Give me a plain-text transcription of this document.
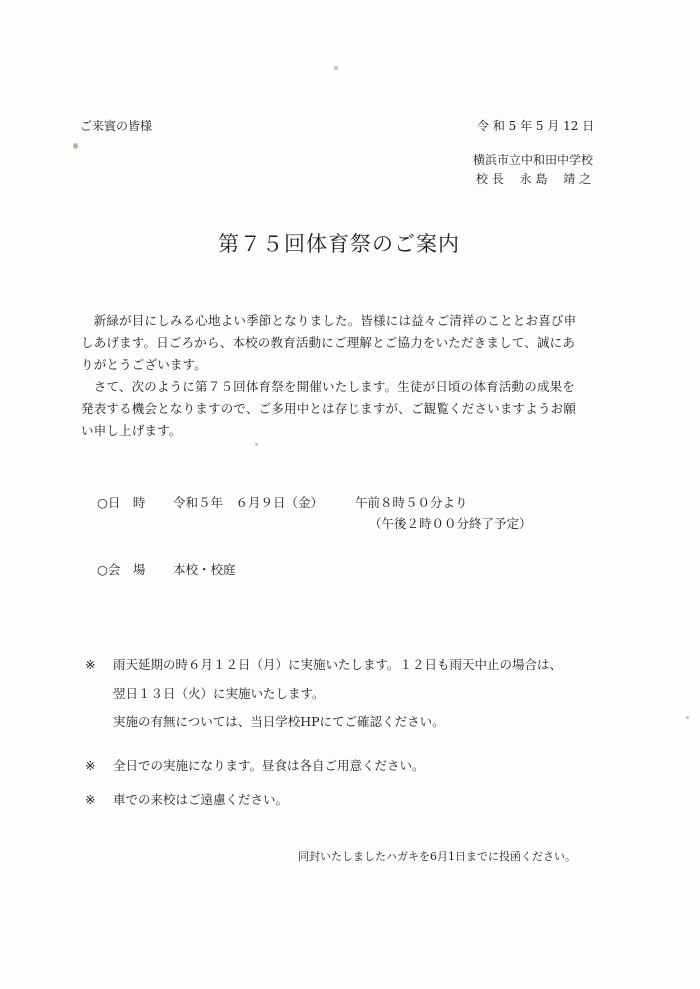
ご来賓の皆様	令 和 5 年 5 月 12 日
横浜市立中和田中学校
校 長　 永 島　 靖 之
第７５回体育祭のご案内
　新緑が目にしみる心地よい季節となりました。皆様には益々ご清祥のこととお喜び申
しあげます。日ごろから、本校の教育活動にご理解とご協力をいただきまして、誠にあ
りがとうございます。
　さて、次のように第７５回体育祭を開催いたします。生徒が日頃の体育活動の成果を
発表する機会となりますので、ご多用中とは存じますが、ご観覧くださいますようお願
い申し上げます。
○日　時 令和５年　６月９日（金）	午前８時５０分より
（午後２時００分終了予定）
○会　場 本校・校庭
※ 雨天延期の時６月１２日（月）に実施いたします。１２日も雨天中止の場合は、
翌日１３日（火）に実施いたします。
実施の有無については、当日学校HPにてご確認ください。
※ 全日での実施になります。昼食は各自ご用意ください。
※ 車での来校はご遠慮ください。
同封いたしましたハガキを6月1日までに投函ください。
